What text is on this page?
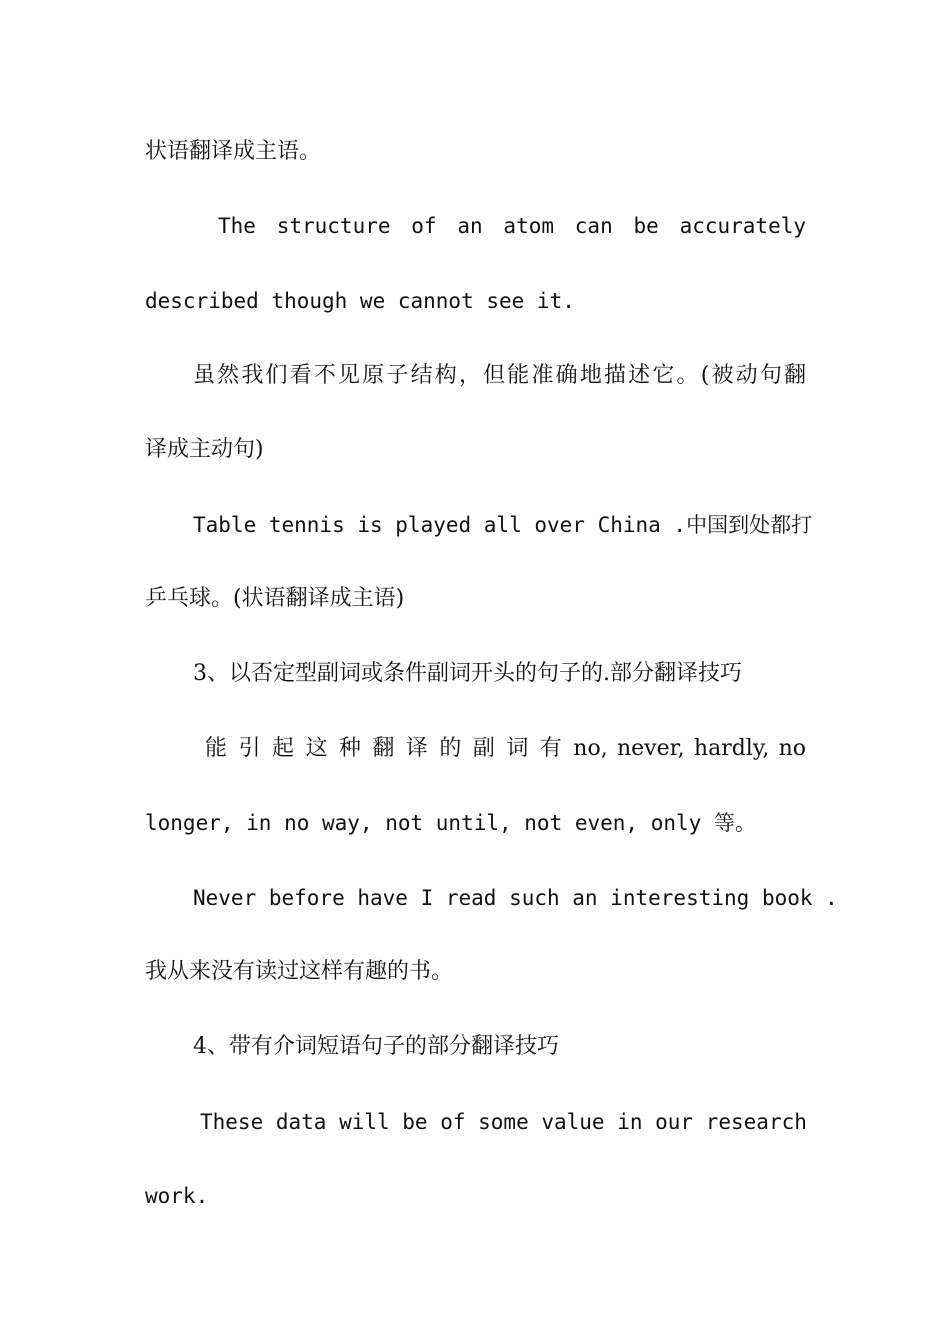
状语翻译成主语。
The structure of an atom can be accurately
described though we cannot see it.
虽然我们看不见原子结构，但能准确地描述它。(被动句翻
译成主动句)
Table tennis is played all over China .中国到处都打
乒乓球。(状语翻译成主语)
3、以否定型副词或条件副词开头的句子的.部分翻译技巧
能 引 起 这 种 翻 译 的 副 词 有 no, never, hardly, no
longer, in no way, not until, not even, only 等。
Never before have I read such an interesting book .
我从来没有读过这样有趣的书。
4、带有介词短语句子的部分翻译技巧
These data will be of some value in our research
work.
